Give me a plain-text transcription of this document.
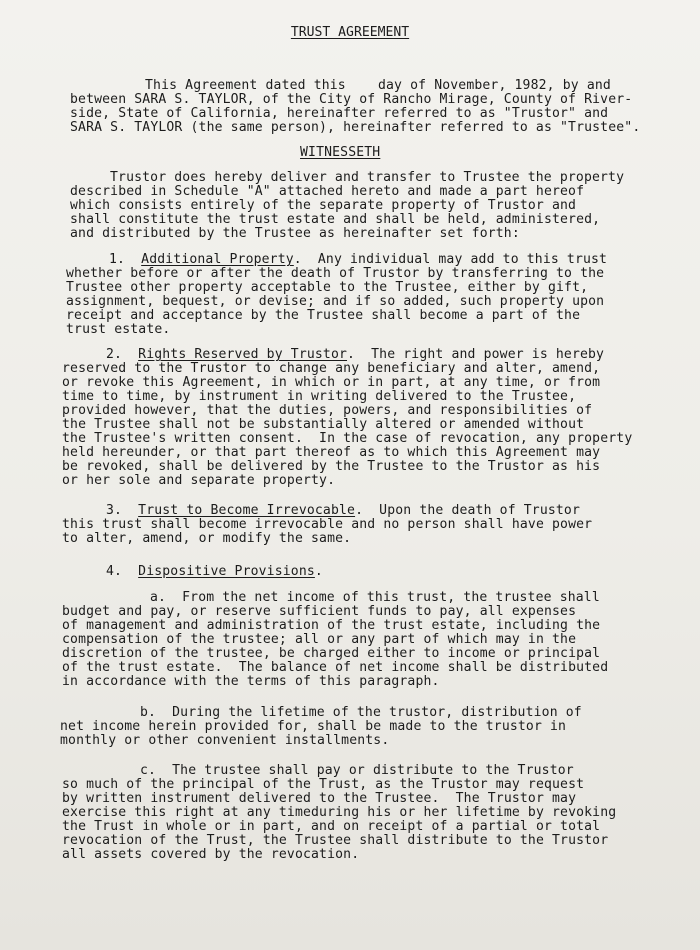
TRUST AGREEMENT
This Agreement dated this    day of November, 1982, by and
between SARA S. TAYLOR, of the City of Rancho Mirage, County of River-
side, State of California, hereinafter referred to as "Trustor" and
SARA S. TAYLOR (the same person), hereinafter referred to as "Trustee".
WITNESSETH
Trustor does hereby deliver and transfer to Trustee the property
described in Schedule "A" attached hereto and made a part hereof
which consists entirely of the separate property of Trustor and
shall constitute the trust estate and shall be held, administered,
and distributed by the Trustee as hereinafter set forth:
1. Additional Property.  Any individual may add to this trust
whether before or after the death of Trustor by transferring to the
Trustee other property acceptable to the Trustee, either by gift,
assignment, bequest, or devise; and if so added, such property upon
receipt and acceptance by the Trustee shall become a part of the
trust estate.
2. Rights Reserved by Trustor.  The right and power is hereby
reserved to the Trustor to change any beneficiary and alter, amend,
or revoke this Agreement, in which or in part, at any time, or from
time to time, by instrument in writing delivered to the Trustee,
provided however, that the duties, powers, and responsibilities of
the Trustee shall not be substantially altered or amended without
the Trustee's written consent.  In the case of revocation, any property
held hereunder, or that part thereof as to which this Agreement may
be revoked, shall be delivered by the Trustee to the Trustor as his
or her sole and separate property.
3. Trust to Become Irrevocable.  Upon the death of Trustor
this trust shall become irrevocable and no person shall have power
to alter, amend, or modify the same.
4. Dispositive Provisions.
a.  From the net income of this trust, the trustee shall
budget and pay, or reserve sufficient funds to pay, all expenses
of management and administration of the trust estate, including the
compensation of the trustee; all or any part of which may in the
discretion of the trustee, be charged either to income or principal
of the trust estate.  The balance of net income shall be distributed
in accordance with the terms of this paragraph.
b.  During the lifetime of the trustor, distribution of
net income herein provided for, shall be made to the trustor in
monthly or other convenient installments.
c.  The trustee shall pay or distribute to the Trustor
so much of the principal of the Trust, as the Trustor may request
by written instrument delivered to the Trustee.  The Trustor may
exercise this right at any timeduring his or her lifetime by revoking
the Trust in whole or in part, and on receipt of a partial or total
revocation of the Trust, the Trustee shall distribute to the Trustor
all assets covered by the revocation.
